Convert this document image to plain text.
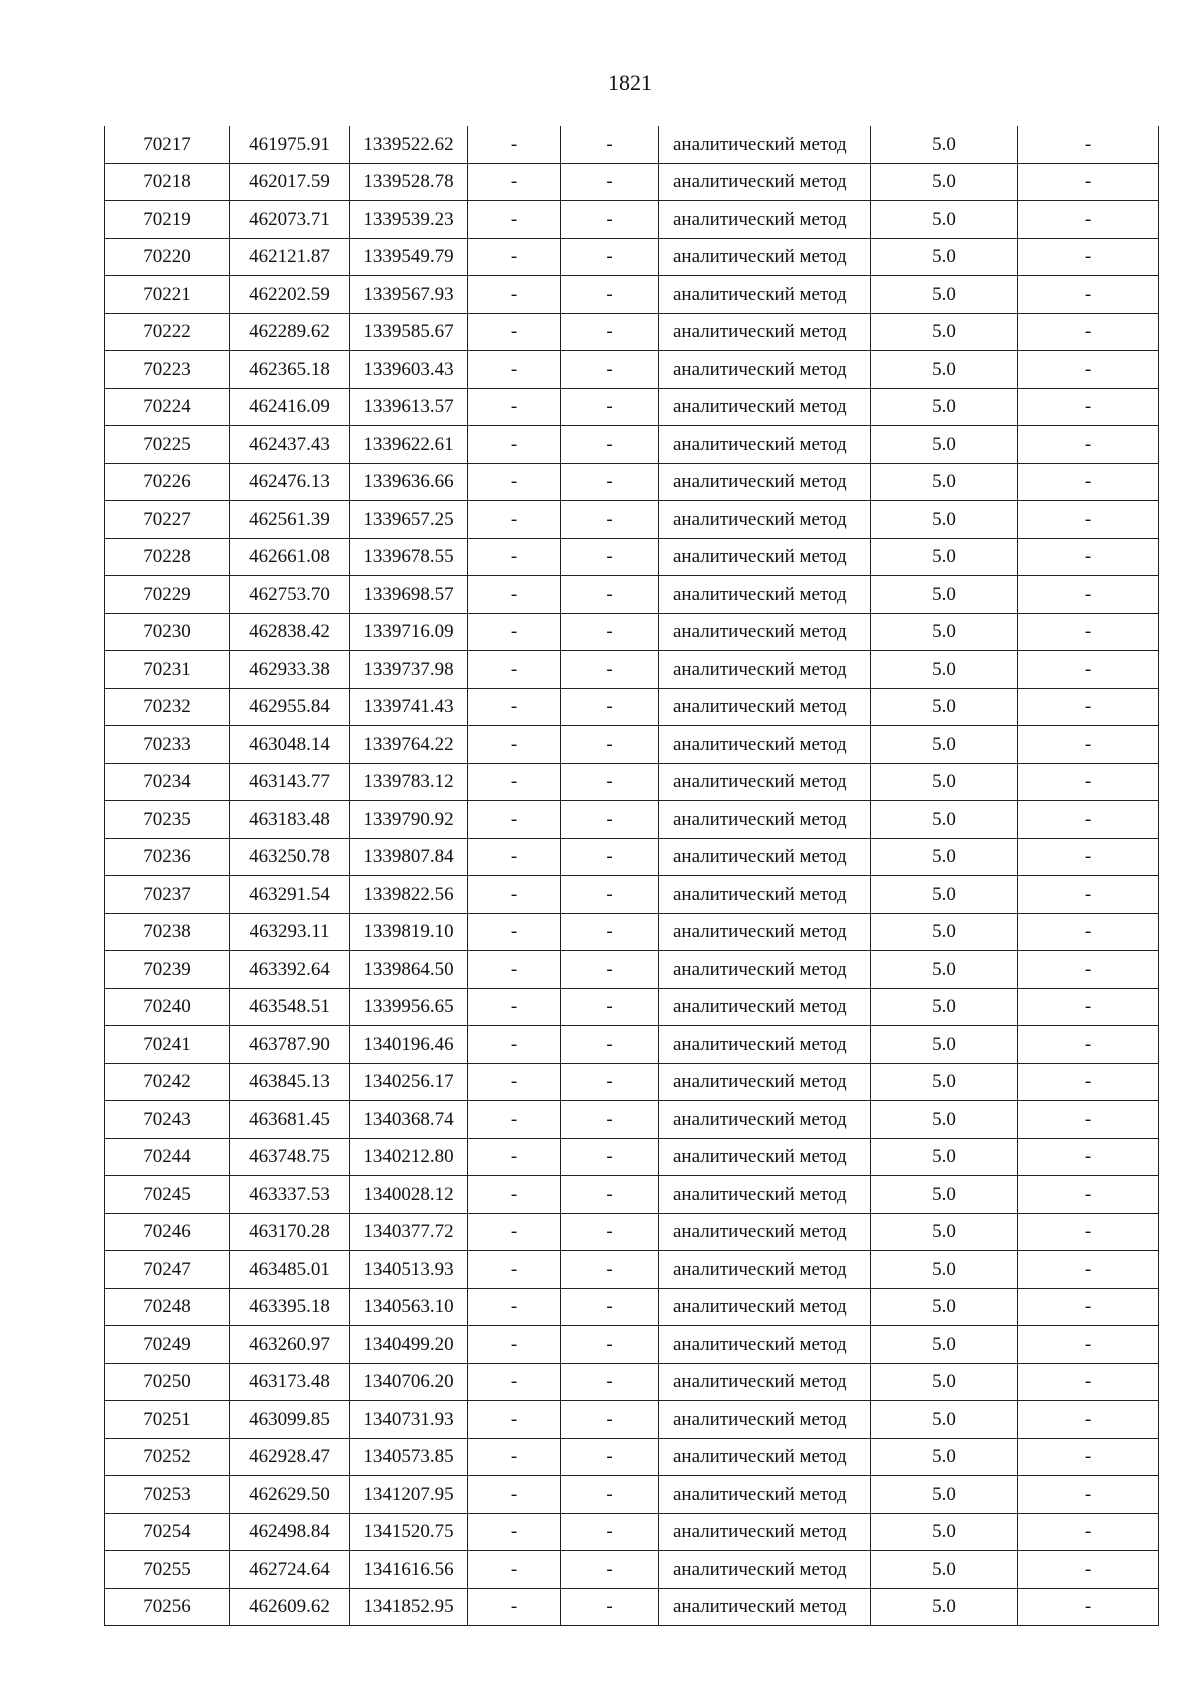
1821
70217	461975.91	1339522.62	-	-	аналитический метод	5.0	-
70218	462017.59	1339528.78	-	-	аналитический метод	5.0	-
70219	462073.71	1339539.23	-	-	аналитический метод	5.0	-
70220	462121.87	1339549.79	-	-	аналитический метод	5.0	-
70221	462202.59	1339567.93	-	-	аналитический метод	5.0	-
70222	462289.62	1339585.67	-	-	аналитический метод	5.0	-
70223	462365.18	1339603.43	-	-	аналитический метод	5.0	-
70224	462416.09	1339613.57	-	-	аналитический метод	5.0	-
70225	462437.43	1339622.61	-	-	аналитический метод	5.0	-
70226	462476.13	1339636.66	-	-	аналитический метод	5.0	-
70227	462561.39	1339657.25	-	-	аналитический метод	5.0	-
70228	462661.08	1339678.55	-	-	аналитический метод	5.0	-
70229	462753.70	1339698.57	-	-	аналитический метод	5.0	-
70230	462838.42	1339716.09	-	-	аналитический метод	5.0	-
70231	462933.38	1339737.98	-	-	аналитический метод	5.0	-
70232	462955.84	1339741.43	-	-	аналитический метод	5.0	-
70233	463048.14	1339764.22	-	-	аналитический метод	5.0	-
70234	463143.77	1339783.12	-	-	аналитический метод	5.0	-
70235	463183.48	1339790.92	-	-	аналитический метод	5.0	-
70236	463250.78	1339807.84	-	-	аналитический метод	5.0	-
70237	463291.54	1339822.56	-	-	аналитический метод	5.0	-
70238	463293.11	1339819.10	-	-	аналитический метод	5.0	-
70239	463392.64	1339864.50	-	-	аналитический метод	5.0	-
70240	463548.51	1339956.65	-	-	аналитический метод	5.0	-
70241	463787.90	1340196.46	-	-	аналитический метод	5.0	-
70242	463845.13	1340256.17	-	-	аналитический метод	5.0	-
70243	463681.45	1340368.74	-	-	аналитический метод	5.0	-
70244	463748.75	1340212.80	-	-	аналитический метод	5.0	-
70245	463337.53	1340028.12	-	-	аналитический метод	5.0	-
70246	463170.28	1340377.72	-	-	аналитический метод	5.0	-
70247	463485.01	1340513.93	-	-	аналитический метод	5.0	-
70248	463395.18	1340563.10	-	-	аналитический метод	5.0	-
70249	463260.97	1340499.20	-	-	аналитический метод	5.0	-
70250	463173.48	1340706.20	-	-	аналитический метод	5.0	-
70251	463099.85	1340731.93	-	-	аналитический метод	5.0	-
70252	462928.47	1340573.85	-	-	аналитический метод	5.0	-
70253	462629.50	1341207.95	-	-	аналитический метод	5.0	-
70254	462498.84	1341520.75	-	-	аналитический метод	5.0	-
70255	462724.64	1341616.56	-	-	аналитический метод	5.0	-
70256	462609.62	1341852.95	-	-	аналитический метод	5.0	-
